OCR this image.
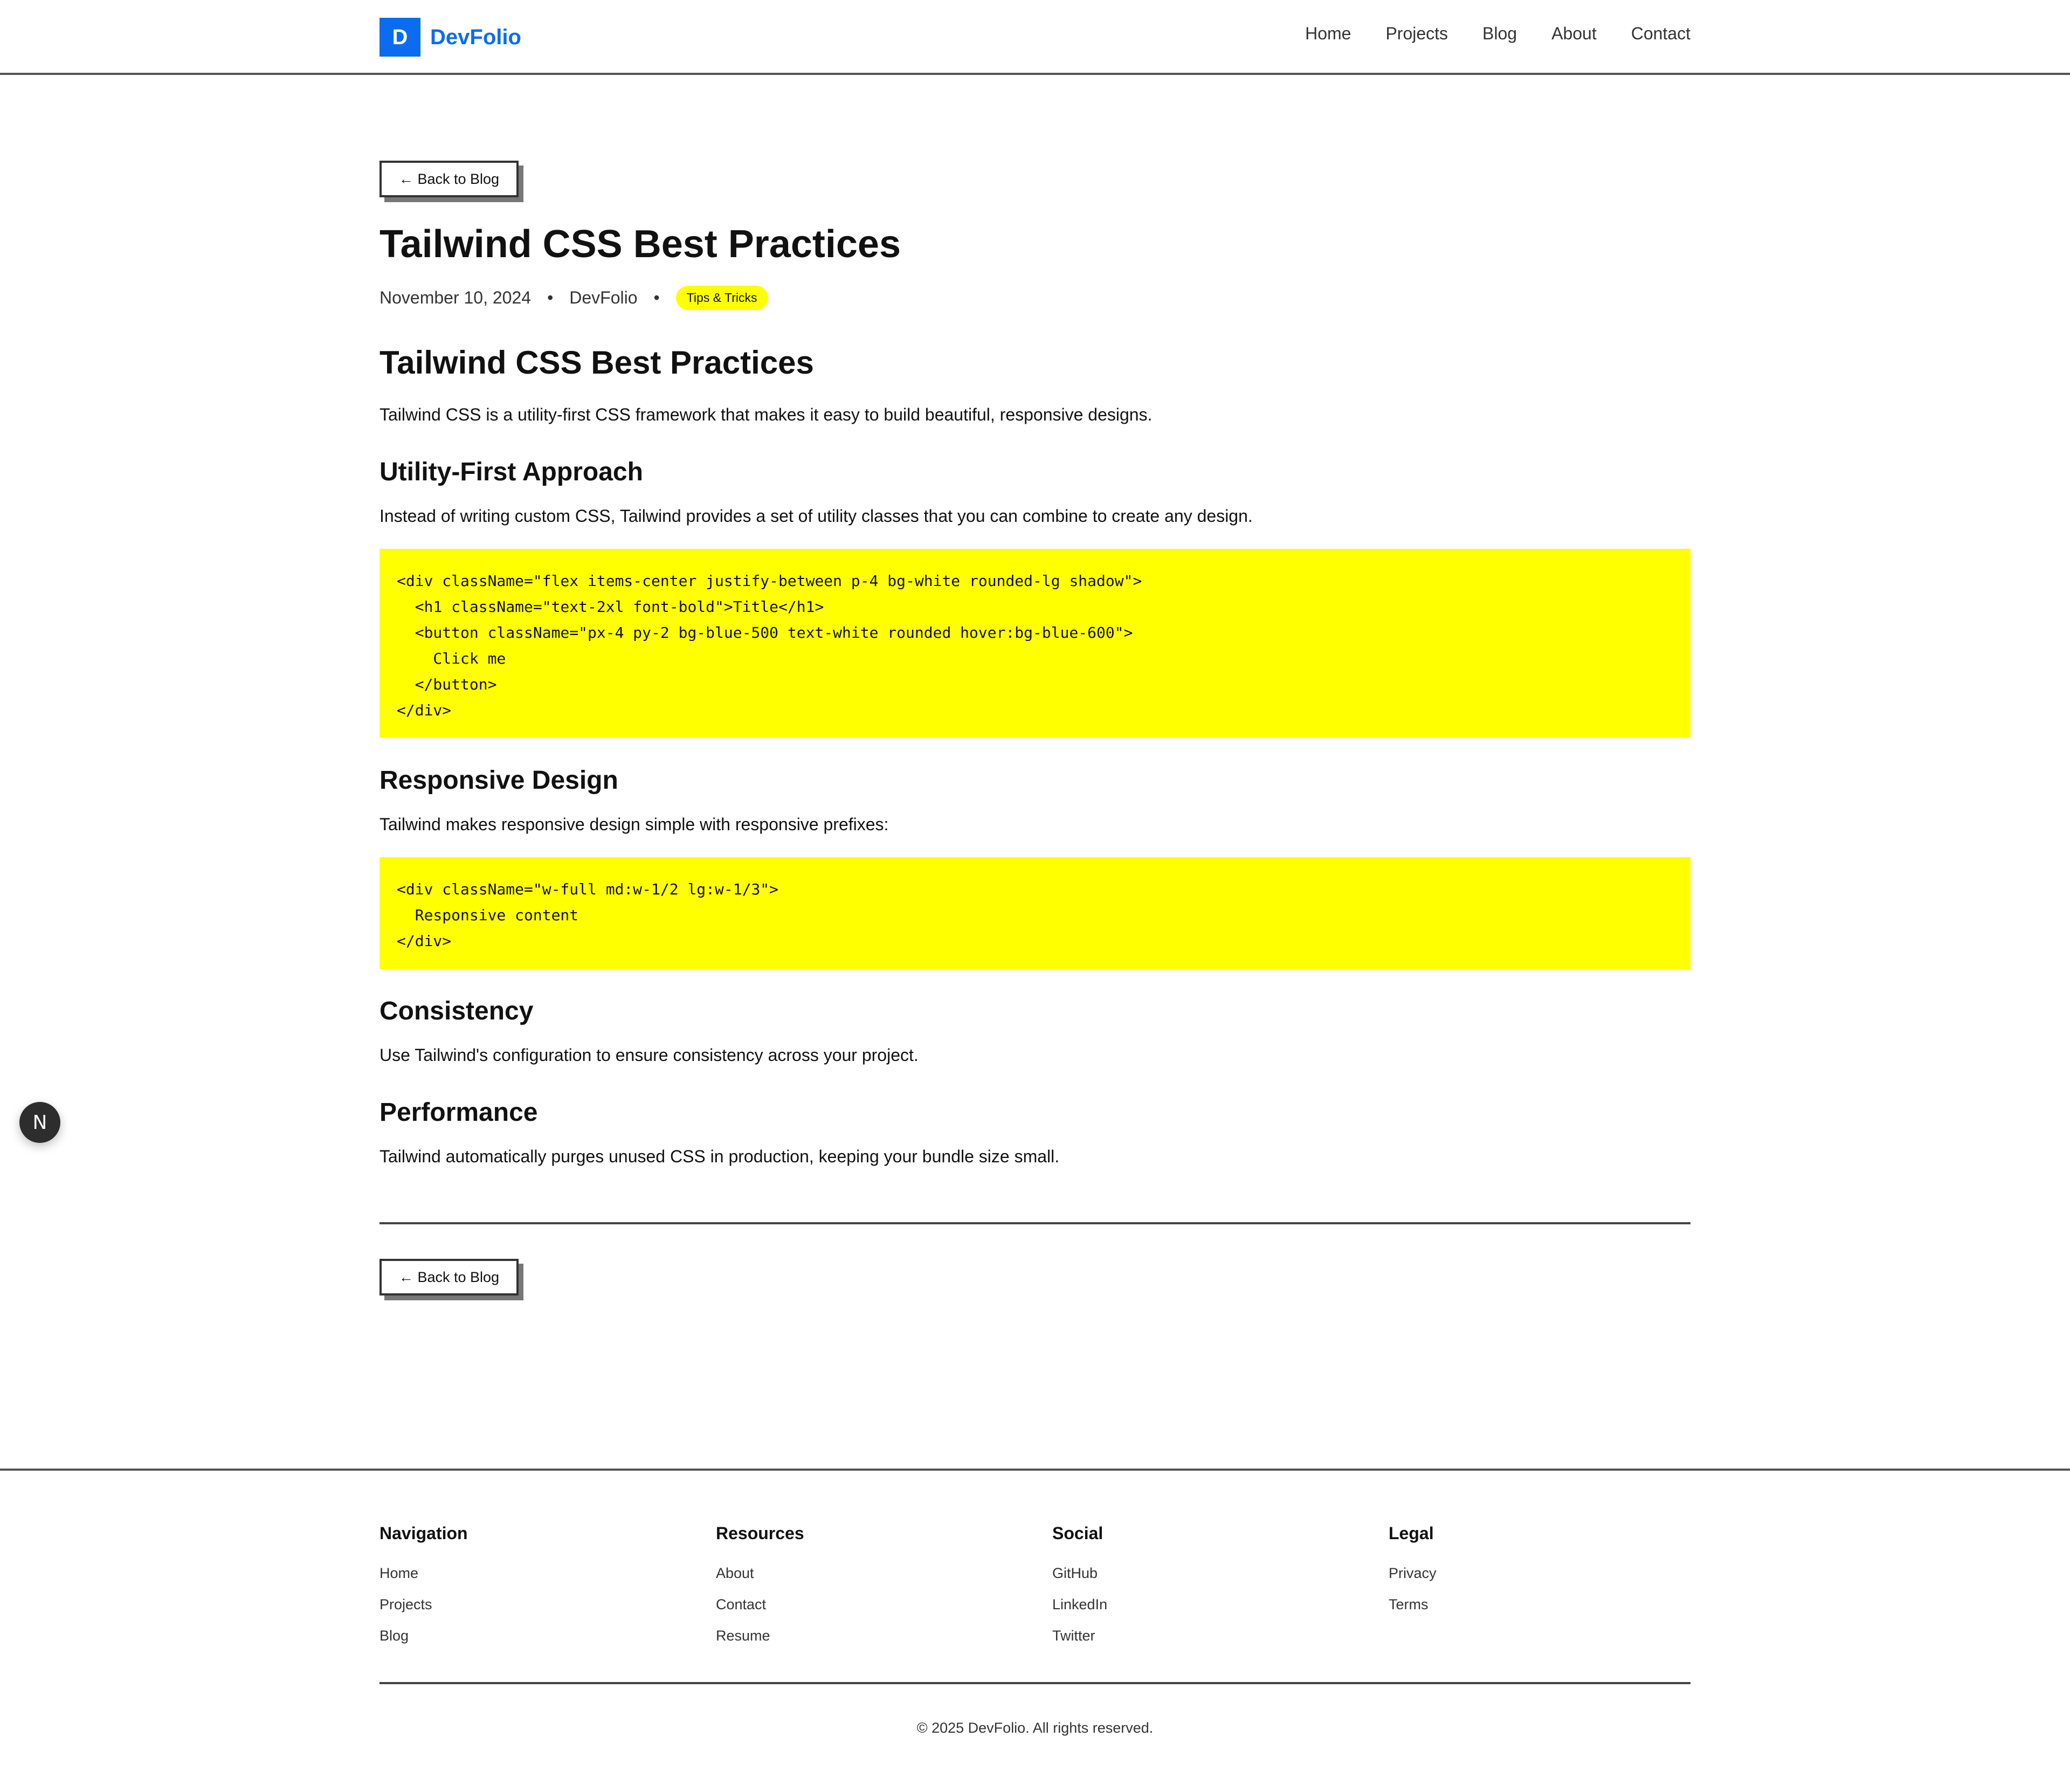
D	DevFolio	Home Projects Blog About Contact
← Back to Blog
Tailwind CSS Best Practices
November 10, 2024 • DevFolio •	Tips & Tricks
Tailwind CSS Best Practices

Tailwind CSS is a utility-first CSS framework that makes it easy to build beautiful, responsive designs.

Utility-First Approach

Instead of writing custom CSS, Tailwind provides a set of utility classes that you can combine to create any design.

<div className="flex items-center justify-between p-4 bg-white rounded-lg shadow">
<h1 className="text-2xl font-bold">Title</h1>
<button className="px-4 py-2 bg-blue-500 text-white rounded hover:bg-blue-600">
Click me
</button>
</div>
Responsive Design

Tailwind makes responsive design simple with responsive prefixes:

<div className="w-full md:w-1/2 lg:w-1/3">
Responsive content
</div>
Consistency

Use Tailwind's configuration to ensure consistency across your project.

Performance

Tailwind automatically purges unused CSS in production, keeping your bundle size small.

← Back to Blog
N
Navigation
Home
Projects
Blog
Resources
About
Contact
Resume
Social
GitHub
LinkedIn
Twitter
Legal
Privacy
Terms
© 2025 DevFolio. All rights reserved.
